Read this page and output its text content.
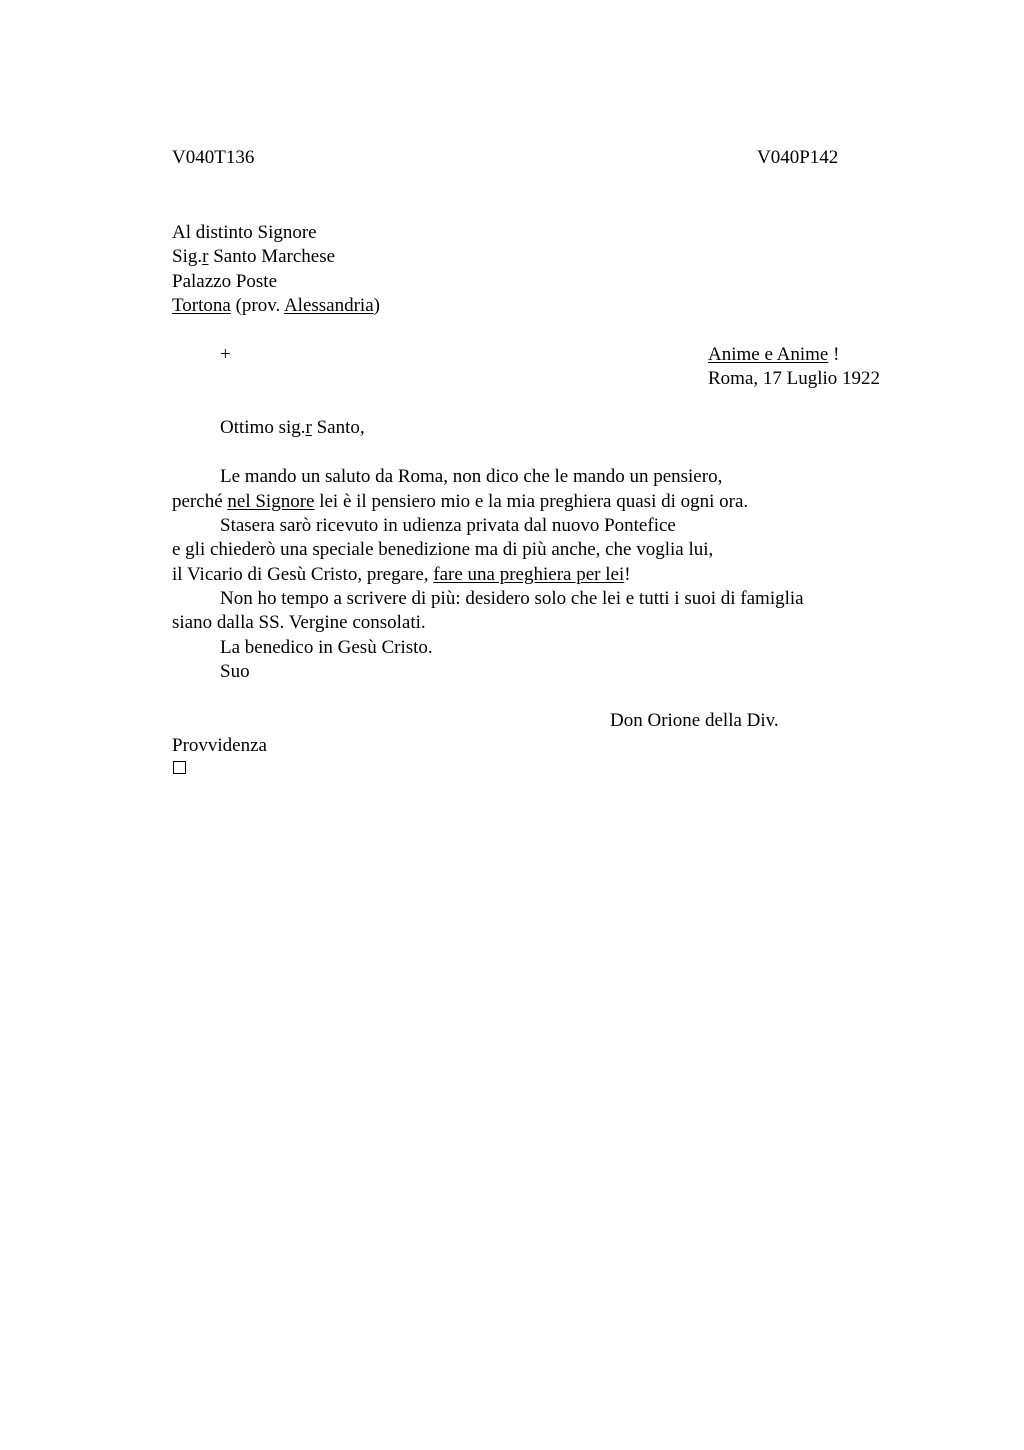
V040T136	V040P142
Al distinto Signore
Sig.r Santo Marchese
Palazzo Poste
Tortona (prov. Alessandria)
+	Anime e Anime !
Roma, 17 Luglio 1922
Ottimo sig.r Santo,
Le mando un saluto da Roma, non dico che le mando un pensiero,
perché nel Signore lei è il pensiero mio e la mia preghiera quasi di ogni ora.
Stasera sarò ricevuto in udienza privata dal nuovo Pontefice
e gli chiederò una speciale benedizione ma di più anche, che voglia lui,
il Vicario di Gesù Cristo, pregare, fare una preghiera per lei!
Non ho tempo a scrivere di più: desidero solo che lei e tutti i suoi di famiglia
siano dalla SS. Vergine consolati.
La benedico in Gesù Cristo.
Suo
Don Orione della Div.
Provvidenza
